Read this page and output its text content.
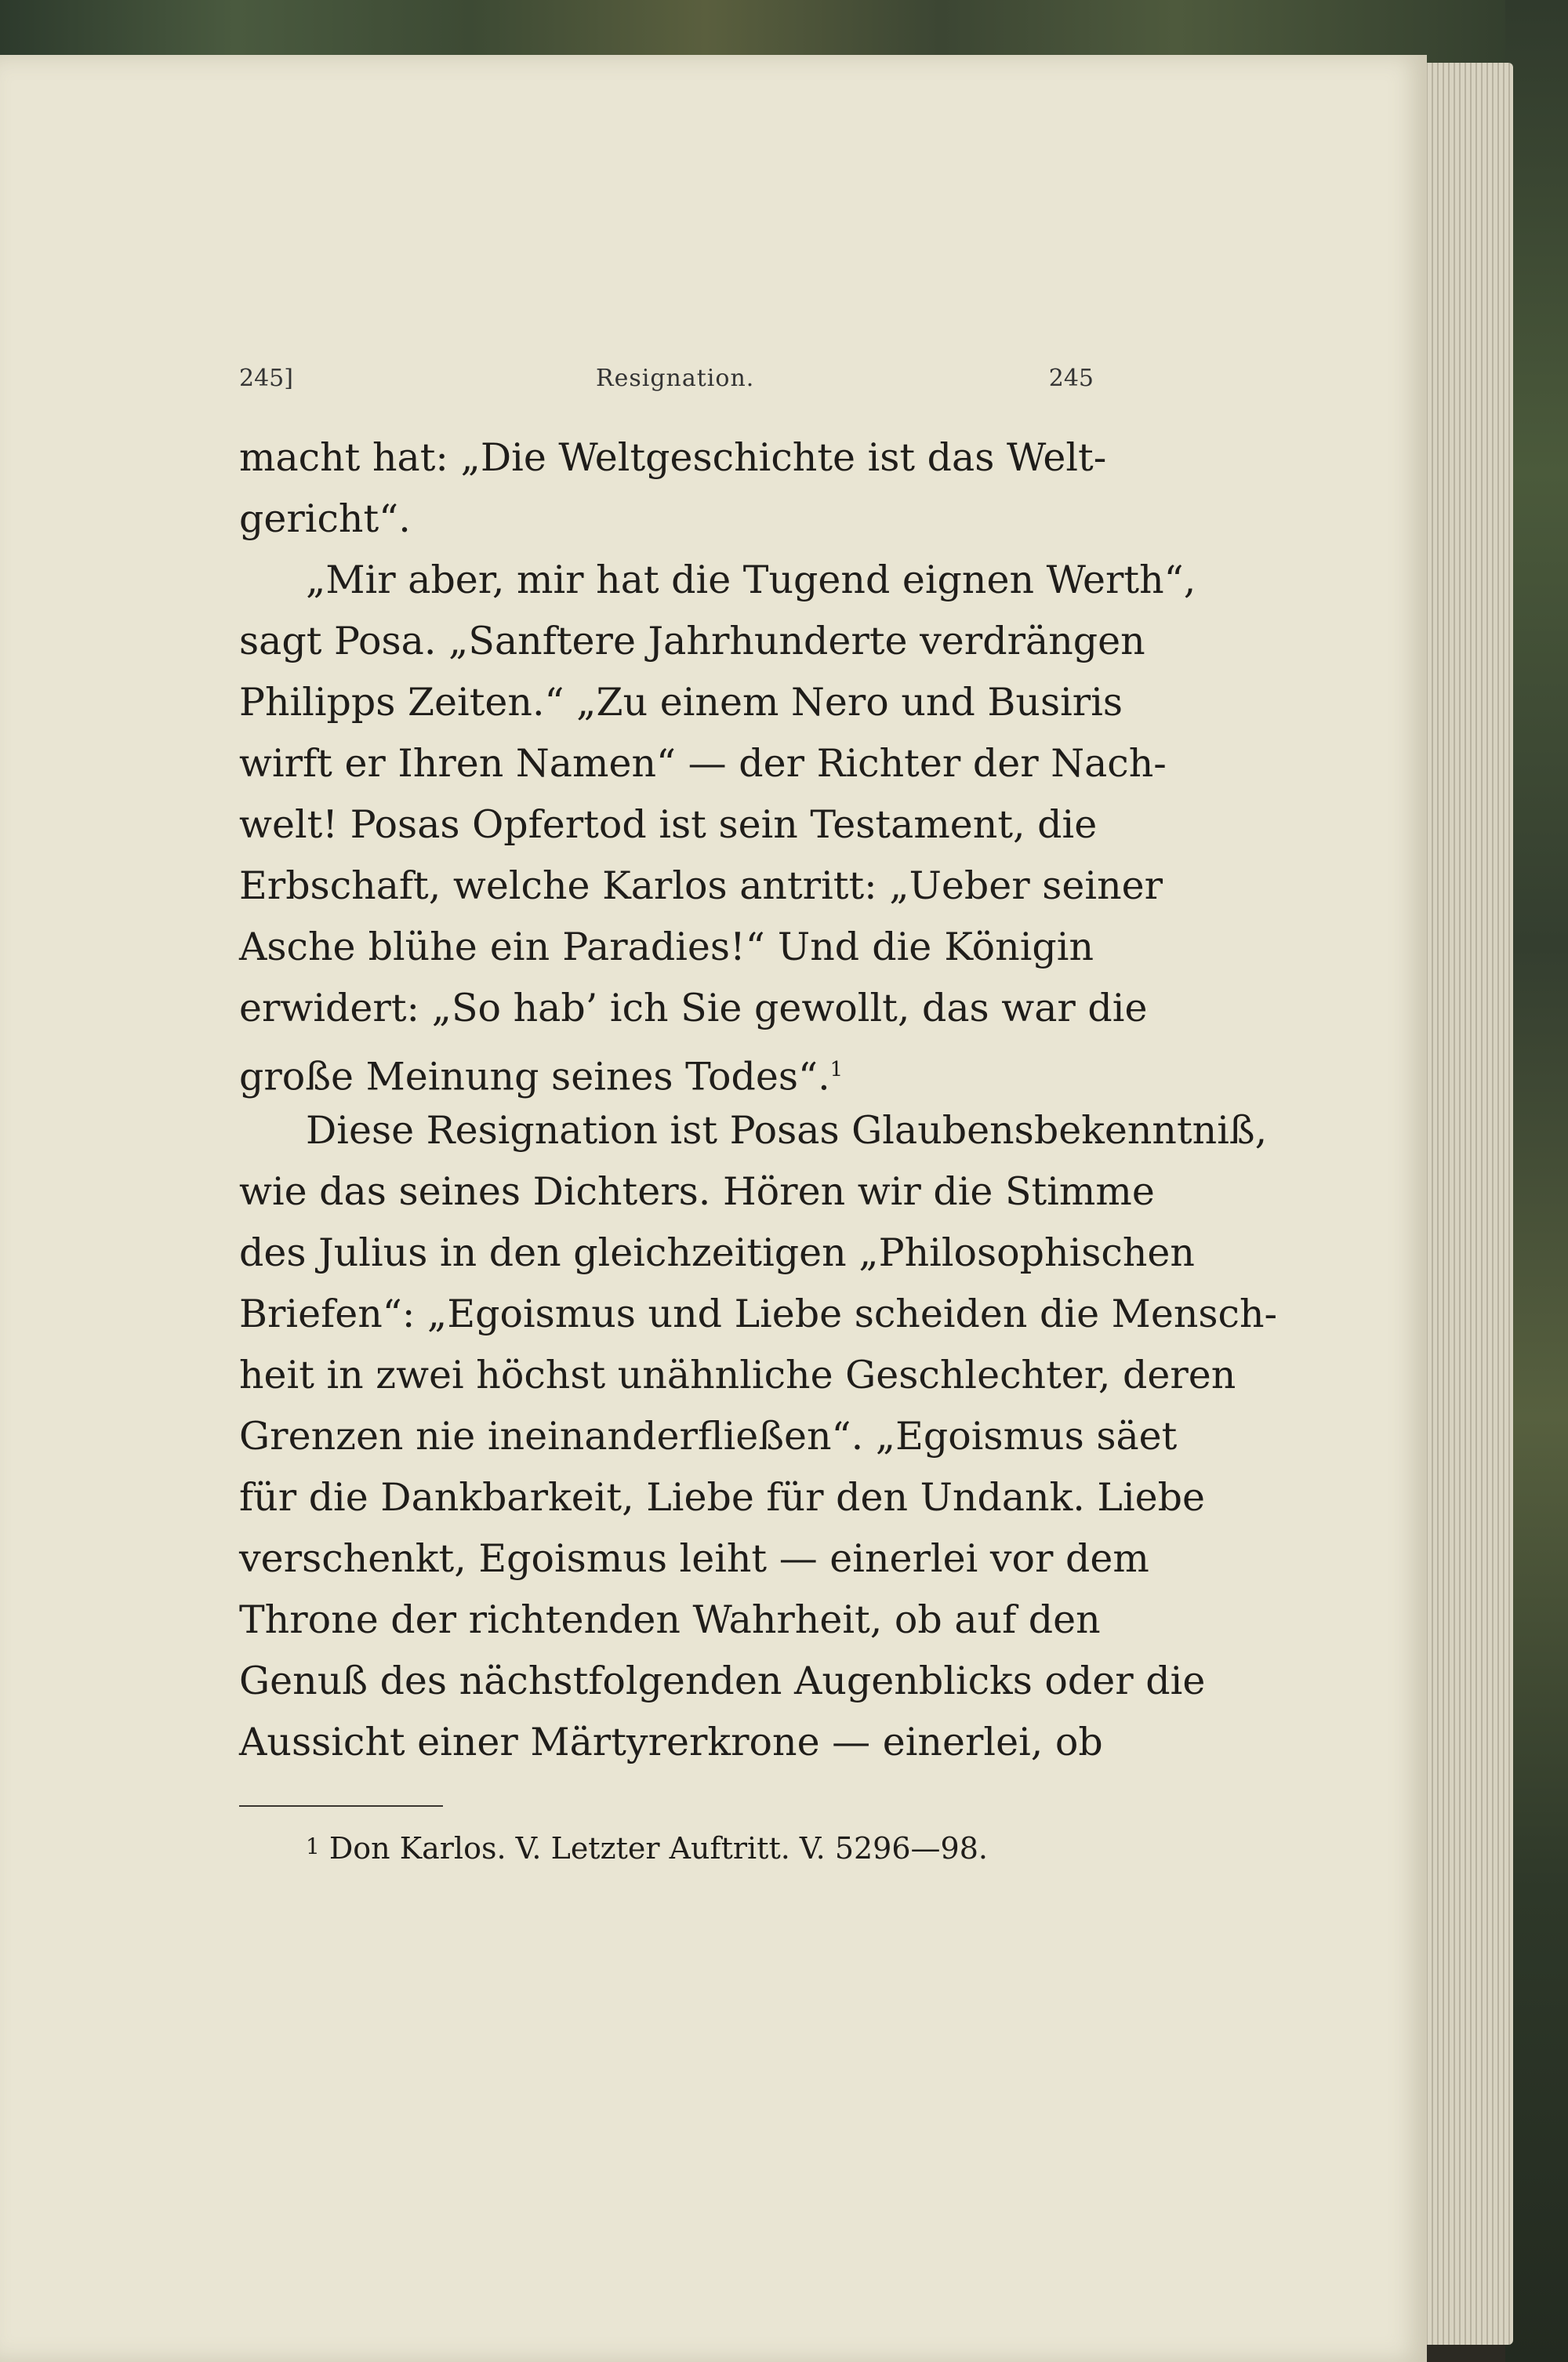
245]	Resignation.	245
macht hat: „Die Weltgeschichte ist das Welt-
gericht“.
„Mir aber, mir hat die Tugend eignen Werth“,
sagt Posa. „Sanftere Jahrhunderte verdrängen
Philipps Zeiten.“ „Zu einem Nero und Busiris
wirft er Ihren Namen“ — der Richter der Nach-
welt! Posas Opfertod ist sein Testament, die
Erbschaft, welche Karlos antritt: „Ueber seiner
Asche blühe ein Paradies!“ Und die Königin
erwidert: „So hab’ ich Sie gewollt, das war die
große Meinung seines Todes“.$^1$
Diese Resignation ist Posas Glaubensbekenntniß,
wie das seines Dichters. Hören wir die Stimme
des Julius in den gleichzeitigen „Philosophischen
Briefen“: „Egoismus und Liebe scheiden die Mensch-
heit in zwei höchst unähnliche Geschlechter, deren
Grenzen nie ineinanderfließen“. „Egoismus säet
für die Dankbarkeit, Liebe für den Undank. Liebe
verschenkt, Egoismus leiht — einerlei vor dem
Throne der richtenden Wahrheit, ob auf den
Genuß des nächstfolgenden Augenblicks oder die
Aussicht einer Märtyrerkrone — einerlei, ob
1 Don Karlos. V. Letzter Auftritt. V. 5296—98.
